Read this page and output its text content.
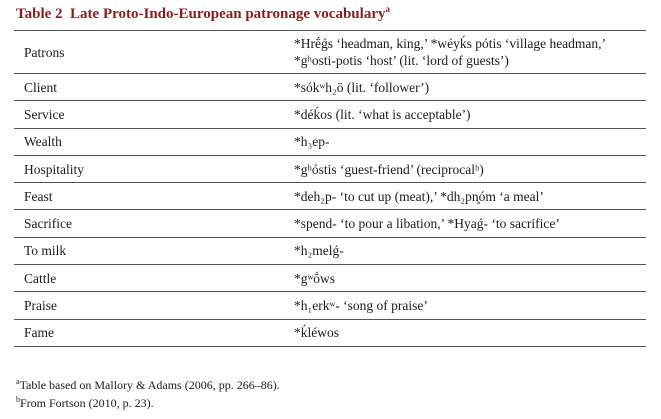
Table 2 Late Proto-Indo-European patronage vocabulary$^a$
Patrons	*Hrḗǵs ‘headman, king,’ *wéyḱs pótis ‘village headman,’
*gʰosti-potis ‘host’ (lit. ‘lord of guests’)

Client	*sókʷh₂ō (lit. ‘follower’)
Service	*déḱos (lit. ‘what is acceptable’)
Wealth	*h₃ep-
Hospitality	*gʰóstis ‘guest-friend’ (reciprocalᵇ)
Feast	*deh₂p- ‘to cut up (meat),’ *dh₂pn̥óm ‘a meal’
Sacrifice	*spend- ‘to pour a libation,’ *Hyaǵ- ‘to sacrifice’
To milk	*h₂melǵ-
Cattle	*gʷṓws
Praise	*h₁erkʷ- ‘song of praise’
Fame	*ḱléwos
$^a$Table based on Mallory & Adams (2006, pp. 266–86).
$^b$From Fortson (2010, p. 23).
